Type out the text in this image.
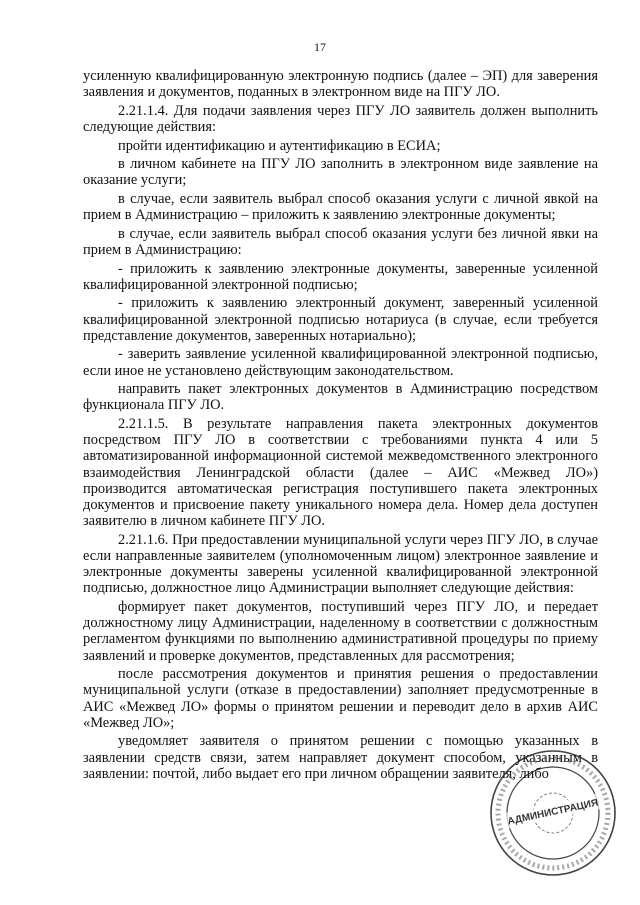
17

усиленную квалифицированную электронную подпись (далее – ЭП) для заверения заявления и документов, поданных в электронном виде на ПГУ ЛО.

2.21.1.4. Для подачи заявления через ПГУ ЛО заявитель должен выполнить следующие действия:

пройти идентификацию и аутентификацию в ЕСИА;

в личном кабинете на ПГУ ЛО заполнить в электронном виде заявление на оказание услуги;

в случае, если заявитель выбрал способ оказания услуги с личной явкой на прием в Администрацию – приложить к заявлению электронные документы;

в случае, если заявитель выбрал способ оказания услуги без личной явки на прием в Администрацию:

- приложить к заявлению электронные документы, заверенные усиленной квалифицированной электронной подписью;

- приложить к заявлению электронный документ, заверенный усиленной квалифицированной электронной подписью нотариуса (в случае, если требуется представление документов, заверенных нотариально);

- заверить заявление усиленной квалифицированной электронной подписью, если иное не установлено действующим законодательством.

направить пакет электронных документов в Администрацию посредством функционала ПГУ ЛО.

2.21.1.5. В результате направления пакета электронных документов посредством ПГУ ЛО в соответствии с требованиями пункта 4 или 5 автоматизированной информационной системой межведомственного электронного взаимодействия Ленинградской области (далее – АИС «Межвед ЛО») производится автоматическая регистрация поступившего пакета электронных документов и присвоение пакету уникального номера дела. Номер дела доступен заявителю в личном кабинете ПГУ ЛО.

2.21.1.6. При предоставлении муниципальной услуги через ПГУ ЛО, в случае если направленные заявителем (уполномоченным лицом) электронное заявление и электронные документы заверены усиленной квалифицированной электронной подписью, должностное лицо Администрации выполняет следующие действия:

формирует пакет документов, поступивший через ПГУ ЛО, и передает должностному лицу Администрации, наделенному в соответствии с должностным регламентом функциями по выполнению административной процедуры по приему заявлений и проверке документов, представленных для рассмотрения;

после рассмотрения документов и принятия решения о предоставлении муниципальной услуги (отказе в предоставлении) заполняет предусмотренные в АИС «Межвед ЛО» формы о принятом решении и переводит дело в архив АИС «Межвед ЛО»;

уведомляет заявителя о принятом решении с помощью указанных в заявлении средств связи, затем направляет документ способом, указанным в заявлении: почтой, либо выдает его при личном обращении заявителя, либо

АДМИНИСТРАЦИЯ
